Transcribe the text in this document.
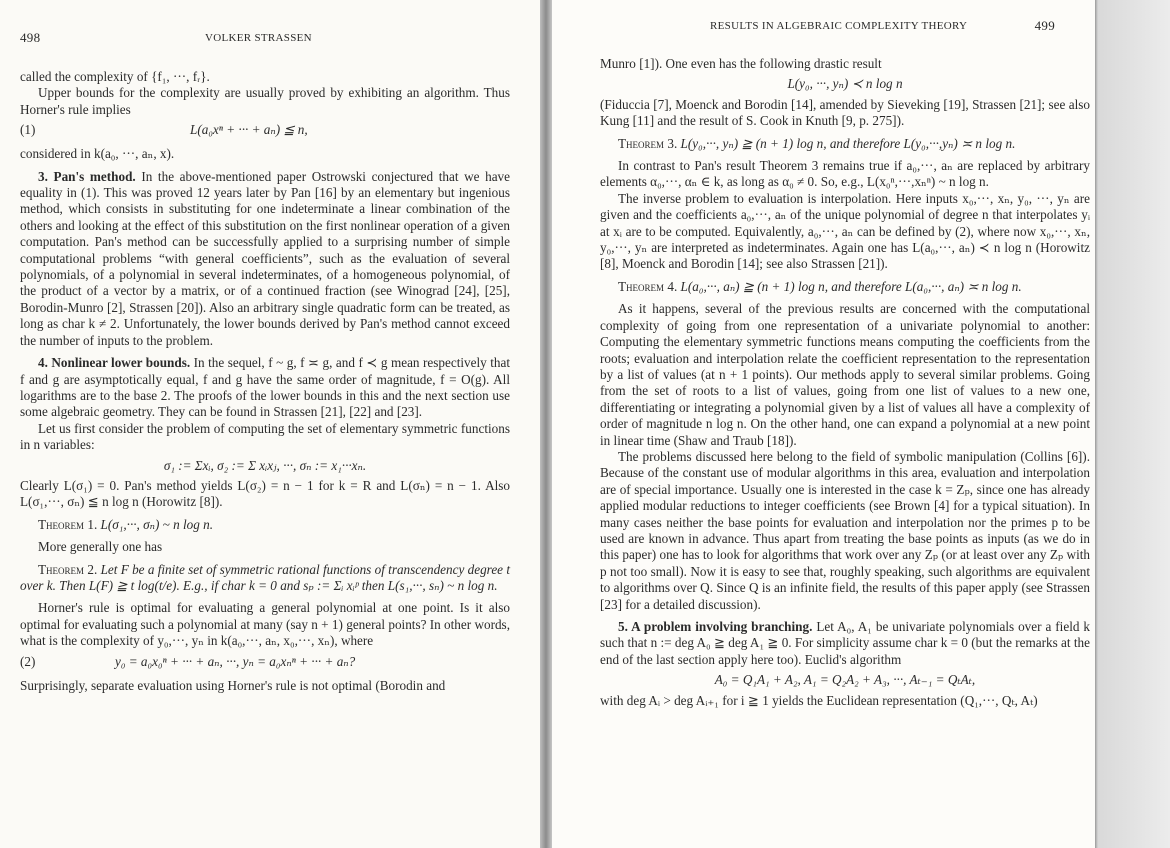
498	VOLKER STRASSEN

called the complexity of {f₁, ···, fᵣ}.

Upper bounds for the complexity are usually proved by exhibiting an algorithm. Thus Horner's rule implies

(1)	L(a₀xⁿ + ··· + aₙ) ≦ n,

considered in k(a₀, ···, aₙ, x).

3. Pan's method. In the above-mentioned paper Ostrowski conjectured that we have equality in (1). This was proved 12 years later by Pan [16] by an elementary but ingenious method, which consists in substituting for one indeterminate a linear combination of the others and looking at the effect of this substitution on the first nonlinear operation of a given computation. Pan's method can be successfully applied to a surprising number of simple computational problems “with general coefficients”, such as the evaluation of several polynomials, of a polynomial in several indeterminates, of a homogeneous polynomial, of the product of a vector by a matrix, or of a continued fraction (see Winograd [24], [25], Borodin-Munro [2], Strassen [20]). Also an arbitrary single quadratic form can be treated, as long as char k ≠ 2. Unfortunately, the lower bounds derived by Pan's method cannot exceed the number of inputs to the problem.

4. Nonlinear lower bounds. In the sequel, f ~ g, f ≍ g, and f ≺ g mean respectively that f and g are asymptotically equal, f and g have the same order of magnitude, f = O(g). All logarithms are to the base 2. The proofs of the lower bounds in this and the next section use some algebraic geometry. They can be found in Strassen [21], [22] and [23].

Let us first consider the problem of computing the set of elementary symmetric functions in n variables:

σ₁ := Σxᵢ, σ₂ := Σ xᵢxⱼ, ···, σₙ := x₁···xₙ.

Clearly L(σ₁) = 0. Pan's method yields L(σ₂) = n − 1 for k = R and L(σₙ) = n − 1. Also L(σ₁,···, σₙ) ≦ n log n (Horowitz [8]).

Theorem 1. L(σ₁,···, σₙ) ~ n log n.

More generally one has

Theorem 2. Let F be a finite set of symmetric rational functions of transcendency degree t over k. Then L(F) ≧ t log(t/e). E.g., if char k = 0 and sₚ := Σᵢ xᵢᵖ then L(s₁,···, sₙ) ~ n log n.

Horner's rule is optimal for evaluating a general polynomial at one point. Is it also optimal for evaluating such a polynomial at many (say n + 1) general points? In other words, what is the complexity of y₀,···, yₙ in k(a₀,···, aₙ, x₀,···, xₙ), where

(2)	y₀ = a₀x₀ⁿ + ··· + aₙ, ···, yₙ = a₀xₙⁿ + ··· + aₙ?

Surprisingly, separate evaluation using Horner's rule is not optimal (Borodin and

RESULTS IN ALGEBRAIC COMPLEXITY THEORY	499

Munro [1]). One even has the following drastic result

L(y₀, ···, yₙ) ≺ n log n

(Fiduccia [7], Moenck and Borodin [14], amended by Sieveking [19], Strassen [21]; see also Kung [11] and the result of S. Cook in Knuth [9, p. 275]).

Theorem 3. L(y₀,···, yₙ) ≧ (n + 1) log n, and therefore L(y₀,···,yₙ) ≍ n log n.

In contrast to Pan's result Theorem 3 remains true if a₀,···, aₙ are replaced by arbitrary elements α₀,···, αₙ ∈ k, as long as α₀ ≠ 0. So, e.g., L(x₀ⁿ,···,xₙⁿ) ~ n log n.

The inverse problem to evaluation is interpolation. Here inputs x₀,···, xₙ, y₀, ···, yₙ are given and the coefficients a₀,···, aₙ of the unique polynomial of degree n that interpolates yᵢ at xᵢ are to be computed. Equivalently, a₀,···, aₙ can be defined by (2), where now x₀,···, xₙ, y₀,···, yₙ are interpreted as indeterminates. Again one has L(a₀,···, aₙ) ≺ n log n (Horowitz [8], Moenck and Borodin [14]; see also Strassen [21]).

Theorem 4. L(a₀,···, aₙ) ≧ (n + 1) log n, and therefore L(a₀,···, aₙ) ≍ n log n.

As it happens, several of the previous results are concerned with the computational complexity of going from one representation of a univariate polynomial to another: Computing the elementary symmetric functions means computing the coefficients from the roots; evaluation and interpolation relate the coefficient representation to the representation by a list of values (at n + 1 points). Our methods apply to several similar problems. Going from the set of roots to a list of values, going from one list of values to a new one, differentiating or integrating a polynomial given by a list of values all have a complexity of order of magnitude n log n. On the other hand, one can expand a polynomial at a new point in linear time (Shaw and Traub [18]).

The problems discussed here belong to the field of symbolic manipulation (Collins [6]). Because of the constant use of modular algorithms in this area, evaluation and interpolation are of special importance. Usually one is interested in the case k = Zₚ, since one has already applied modular reductions to integer coefficients (see Brown [4] for a typical situation). In many cases neither the base points for evaluation and interpolation nor the primes p to be used are known in advance. Thus apart from treating the base points as inputs (as we do in this paper) one has to look for algorithms that work over any Zₚ (or at least over any Zₚ with p not too small). Now it is easy to see that, roughly speaking, such algorithms are equivalent to algorithms over Q. Since Q is an infinite field, the results of this paper apply (see Strassen [23] for a detailed discussion).

5. A problem involving branching. Let A₀, A₁ be univariate polynomials over a field k such that n := deg A₀ ≧ deg A₁ ≧ 0. For simplicity assume char k = 0 (but the remarks at the end of the last section apply here too). Euclid's algorithm

A₀ = Q₁A₁ + A₂, A₁ = Q₂A₂ + A₃, ···, Aₜ₋₁ = QₜAₜ,

with deg Aᵢ > deg Aᵢ₊₁ for i ≧ 1 yields the Euclidean representation (Q₁,···, Qₜ, Aₜ)
